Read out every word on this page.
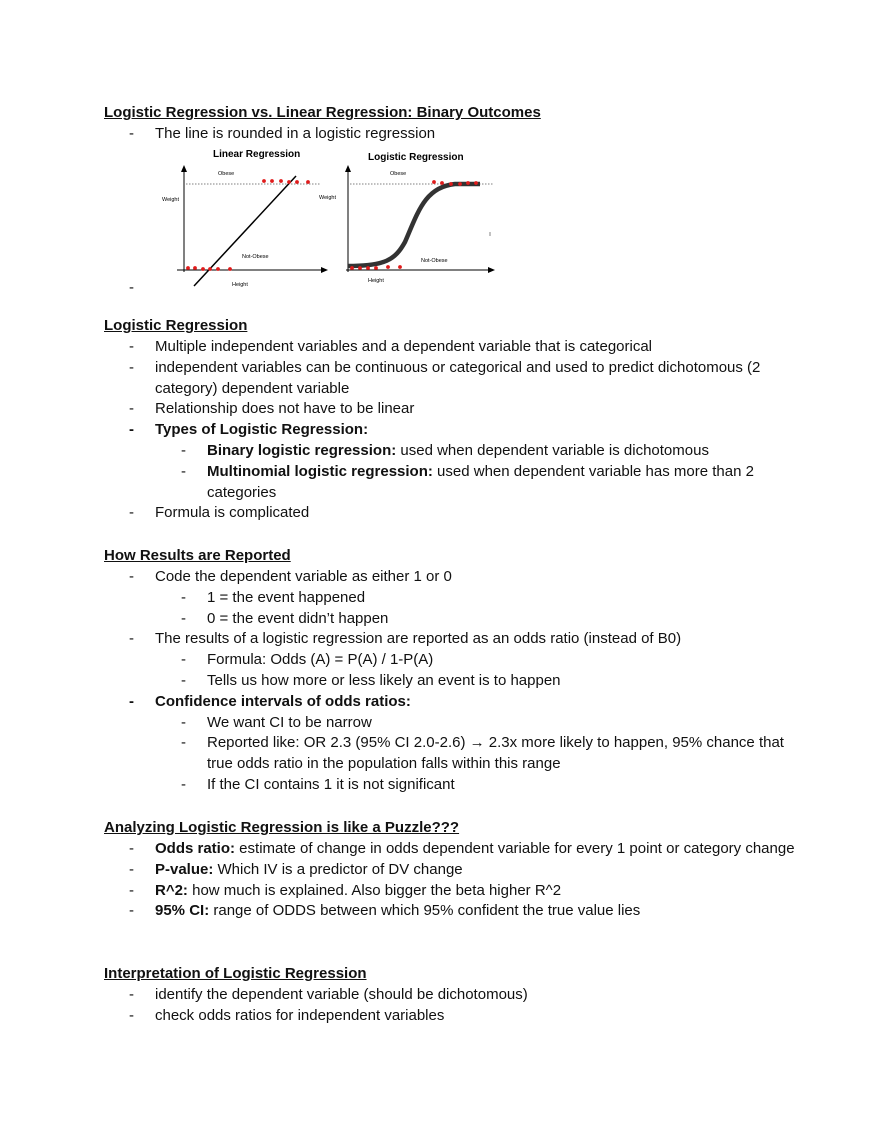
Logistic Regression vs. Linear Regression: Binary Outcomes
- The line is rounded in a logistic regression
-
Linear Regression
Obese
Weight
Not-Obese
Height
Logistic Regression
Obese
Weight
Not-Obese
Height
Logistic Regression
- Multiple independent variables and a dependent variable that is categorical
- independent variables can be continuous or categorical and used to predict dichotomous (2 category) dependent variable
- Relationship does not have to be linear
- Types of Logistic Regression:
- Binary logistic regression: used when dependent variable is dichotomous
- Multinomial logistic regression: used when dependent variable has more than 2 categories
- Formula is complicated
How Results are Reported
- Code the dependent variable as either 1 or 0
- 1 = the event happened
- 0 = the event didn’t happen
- The results of a logistic regression are reported as an odds ratio (instead of B0)
- Formula: Odds (A) = P(A) / 1-P(A)
- Tells us how more or less likely an event is to happen
- Confidence intervals of odds ratios:
- We want CI to be narrow
- Reported like: OR 2.3 (95% CI 2.0-2.6) → 2.3x more likely to happen, 95% chance that true odds ratio in the population falls within this range
- If the CI contains 1 it is not significant
Analyzing Logistic Regression is like a Puzzle???
- Odds ratio: estimate of change in odds dependent variable for every 1 point or category change
- P-value: Which IV is a predictor of DV change
- R^2: how much is explained. Also bigger the beta higher R^2
- 95% CI: range of ODDS between which 95% confident the true value lies
Interpretation of Logistic Regression
- identify the dependent variable (should be dichotomous)
- check odds ratios for independent variables
